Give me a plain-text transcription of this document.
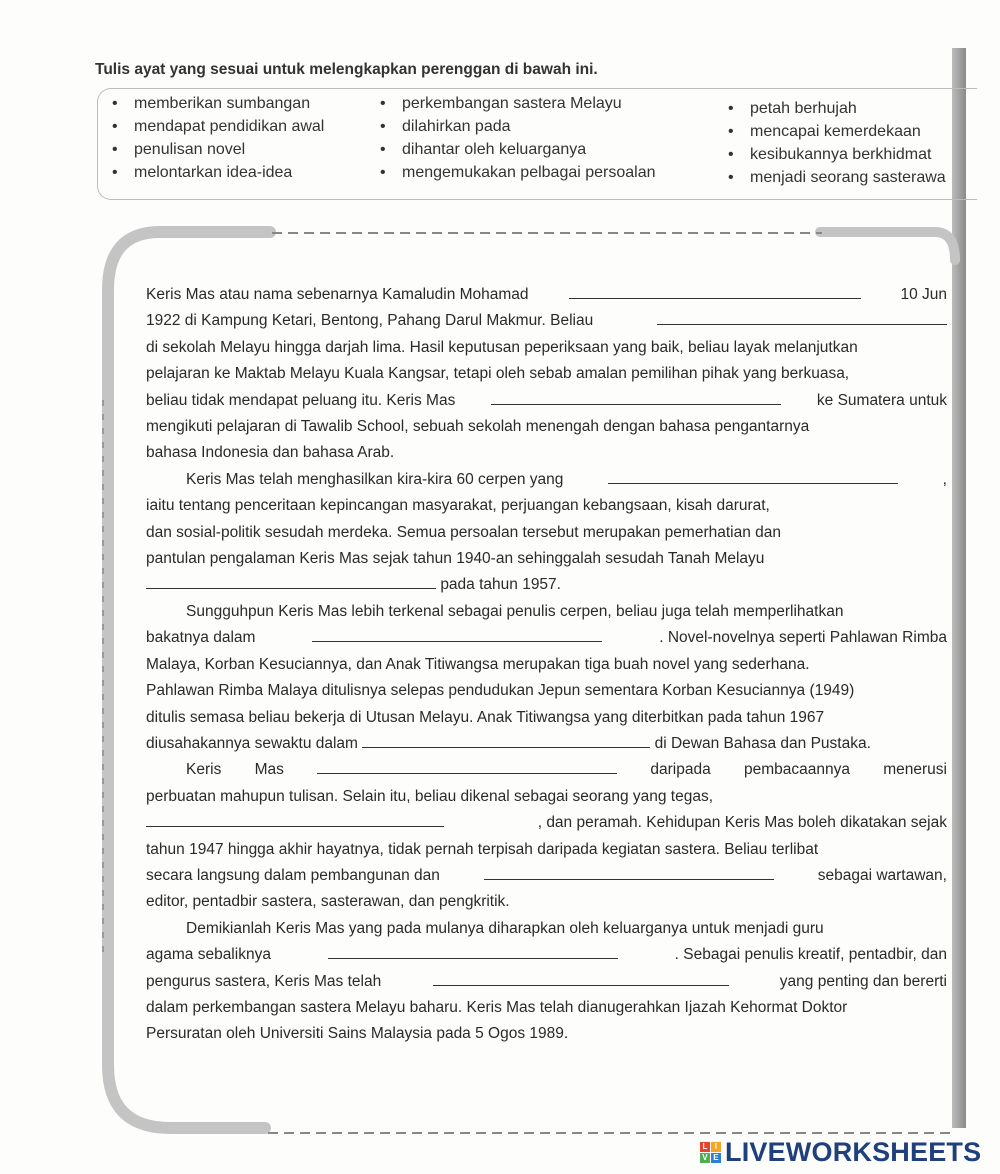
Tulis ayat yang sesuai untuk melengkapkan perenggan di bawah ini.
• memberikan sumbangan
• mendapat pendidikan awal
• penulisan novel
• melontarkan idea-idea
• perkembangan sastera Melayu
• dilahirkan pada
• dihantar oleh keluarganya
• mengemukakan pelbagai persoalan
• petah berhujah
• mencapai kemerdekaan
• kesibukannya berkhidmat
• menjadi seorang sasterawa

Keris Mas atau nama sebenarnya Kamaludin Mohamad	10 Jun
1922 di Kampung Ketari, Bentong, Pahang Darul Makmur. Beliau
di sekolah Melayu hingga darjah lima. Hasil keputusan peperiksaan yang baik, beliau layak melanjutkan
pelajaran ke Maktab Melayu Kuala Kangsar, tetapi oleh sebab amalan pemilihan pihak yang berkuasa,
beliau tidak mendapat peluang itu. Keris Mas	ke Sumatera untuk
mengikuti pelajaran di Tawalib School, sebuah sekolah menengah dengan bahasa pengantarnya
bahasa Indonesia dan bahasa Arab.

Keris Mas telah menghasilkan kira-kira 60 cerpen yang	,
iaitu tentang penceritaan kepincangan masyarakat, perjuangan kebangsaan, kisah darurat,
dan sosial-politik sesudah merdeka. Semua persoalan tersebut merupakan pemerhatian dan
pantulan pengalaman Keris Mas sejak tahun 1940-an sehinggalah sesudah Tanah Melayu
pada tahun 1957.

Sungguhpun Keris Mas lebih terkenal sebagai penulis cerpen, beliau juga telah memperlihatkan
bakatnya dalam	. Novel-novelnya seperti Pahlawan Rimba
Malaya, Korban Kesuciannya, dan Anak Titiwangsa merupakan tiga buah novel yang sederhana.
Pahlawan Rimba Malaya ditulisnya selepas pendudukan Jepun sementara Korban Kesuciannya (1949)
ditulis semasa beliau bekerja di Utusan Melayu. Anak Titiwangsa yang diterbitkan pada tahun 1967
diusahakannya sewaktu dalam	di Dewan Bahasa dan Pustaka.

Keris Mas	daripada pembacaannya menerusi
perbuatan mahupun tulisan. Selain itu, beliau dikenal sebagai seorang yang tegas,
, dan peramah. Kehidupan Keris Mas boleh dikatakan sejak
tahun 1947 hingga akhir hayatnya, tidak pernah terpisah daripada kegiatan sastera. Beliau terlibat
secara langsung dalam pembangunan dan	sebagai wartawan,
editor, pentadbir sastera, sasterawan, dan pengkritik.

Demikianlah Keris Mas yang pada mulanya diharapkan oleh keluarganya untuk menjadi guru
agama sebaliknya	. Sebagai penulis kreatif, pentadbir, dan
pengurus sastera, Keris Mas telah	yang penting dan bererti
dalam perkembangan sastera Melayu baharu. Keris Mas telah dianugerahkan Ijazah Kehormat Doktor
Persuratan oleh Universiti Sains Malaysia pada 5 Ogos 1989.

L I
V E LIVEWORKSHEETS
